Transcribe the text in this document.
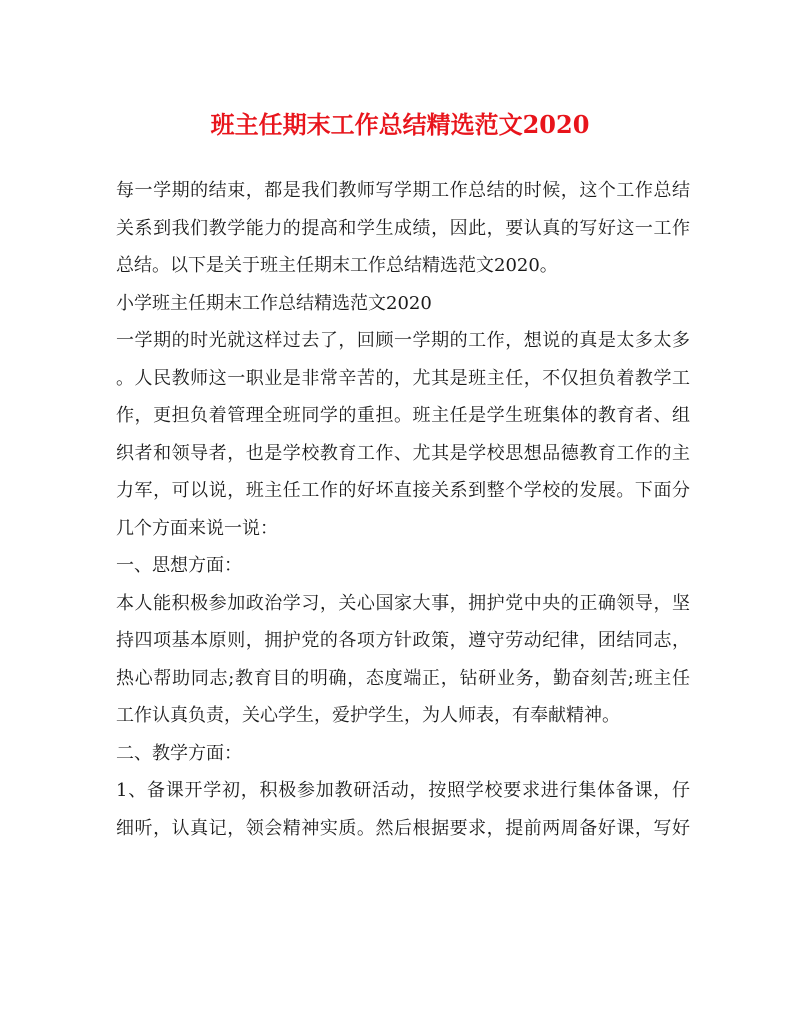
班主任期末工作总结精选范文2020
每一学期的结束，都是我们教师写学期工作总结的时候，这个工作总结
关系到我们教学能力的提高和学生成绩，因此，要认真的写好这一工作
总结。以下是关于班主任期末工作总结精选范文2020。
小学班主任期末工作总结精选范文2020
一学期的时光就这样过去了，回顾一学期的工作，想说的真是太多太多
。人民教师这一职业是非常辛苦的，尤其是班主任，不仅担负着教学工
作，更担负着管理全班同学的重担。班主任是学生班集体的教育者、组
织者和领导者，也是学校教育工作、尤其是学校思想品德教育工作的主
力军，可以说，班主任工作的好坏直接关系到整个学校的发展。下面分
几个方面来说一说：
一、思想方面：
本人能积极参加政治学习，关心国家大事，拥护党中央的正确领导，坚
持四项基本原则，拥护党的各项方针政策，遵守劳动纪律，团结同志，
热心帮助同志;教育目的明确，态度端正，钻研业务，勤奋刻苦;班主任
工作认真负责，关心学生，爱护学生，为人师表，有奉献精神。
二、教学方面：
1、备课开学初，积极参加教研活动，按照学校要求进行集体备课，仔
细听，认真记，领会精神实质。然后根据要求，提前两周备好课，写好
